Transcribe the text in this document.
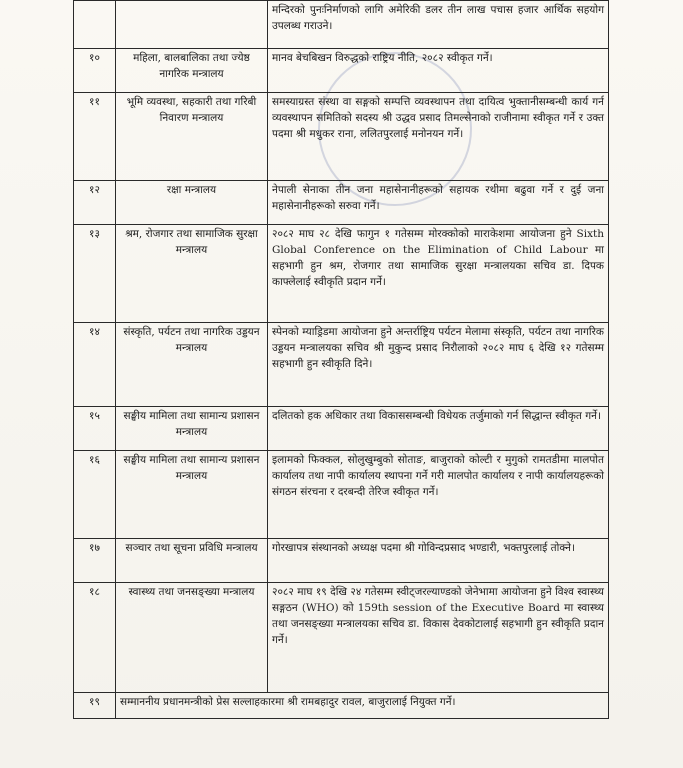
		मन्दिरको पुनःनिर्माणको लागि अमेरिकी डलर तीन लाख पचास हजार आर्थिक सहयोग उपलब्ध गराउने।
१०	महिला, बालबालिका तथा ज्येष्ठ नागरिक मन्त्रालय	मानव बेचबिखन विरुद्धको राष्ट्रिय नीति, २०८२ स्वीकृत गर्ने।
११	भूमि व्यवस्था, सहकारी तथा गरिबी निवारण मन्त्रालय	समस्याग्रस्त संस्था वा सङ्गको सम्पत्ति व्यवस्थापन तथा दायित्व भुक्तानीसम्बन्धी कार्य गर्न व्यवस्थापन समितिको सदस्य श्री उद्धव प्रसाद तिमल्सेनाको राजीनामा स्वीकृत गर्ने र उक्त पदमा श्री मधुकर राना, ललितपुरलाई मनोनयन गर्ने।
१२	रक्षा मन्त्रालय	नेपाली सेनाका तीन जना महासेनानीहरूको सहायक रथीमा बढुवा गर्ने र दुई जना महासेनानीहरूको सरुवा गर्ने।
१३	श्रम, रोजगार तथा सामाजिक सुरक्षा मन्त्रालय	२०८२ माघ २८ देखि फागुन १ गतेसम्म मोरक्कोको माराकेशमा आयोजना हुने Sixth Global Conference on the Elimination of Child Labour मा सहभागी हुन श्रम, रोजगार तथा सामाजिक सुरक्षा मन्त्रालयका सचिव डा. दिपक काफ्लेलाई स्वीकृति प्रदान गर्ने।
१४	संस्कृति, पर्यटन तथा नागरिक उड्डयन मन्त्रालय	स्पेनको म्याड्रिडमा आयोजना हुने अन्तर्राष्ट्रिय पर्यटन मेलामा संस्कृति, पर्यटन तथा नागरिक उड्डयन मन्त्रालयका सचिव श्री मुकुन्द प्रसाद निरौलाको २०८२ माघ ६ देखि १२ गतेसम्म सहभागी हुन स्वीकृति दिने।
१५	सङ्घीय मामिला तथा सामान्य प्रशासन मन्त्रालय	दलितको हक अधिकार तथा विकाससम्बन्धी विधेयक तर्जुमाको गर्न सिद्धान्त स्वीकृत गर्ने।
१६	सङ्घीय मामिला तथा सामान्य प्रशासन मन्त्रालय	इलामको फिक्कल, सोलुखुम्बुको सोताङ, बाजुराको कोल्टी र मुगुको रामतडीमा मालपोत कार्यालय तथा नापी कार्यालय स्थापना गर्ने गरी मालपोत कार्यालय र नापी कार्यालयहरूको संगठन संरचना र दरबन्दी तेरिज स्वीकृत गर्ने।
१७	सञ्चार तथा सूचना प्रविधि मन्त्रालय	गोरखापत्र संस्थानको अध्यक्ष पदमा श्री गोविन्दप्रसाद भण्डारी, भक्तपुरलाई तोक्ने।
१८	स्वास्थ्य तथा जनसङ्ख्या मन्त्रालय	२०८२ माघ १९ देखि २४ गतेसम्म स्वीट्जरल्याण्डको जेनेभामा आयोजना हुने विश्व स्वास्थ्य सङ्गठन (WHO) को 159th session of the Executive Board मा स्वास्थ्य तथा जनसङ्ख्या मन्त्रालयका सचिव डा. विकास देवकोटालाई सहभागी हुन स्वीकृति प्रदान गर्ने।
१९	सम्माननीय प्रधानमन्त्रीको प्रेस सल्लाहकारमा श्री रामबहादुर रावल, बाजुरालाई नियुक्त गर्ने।	
